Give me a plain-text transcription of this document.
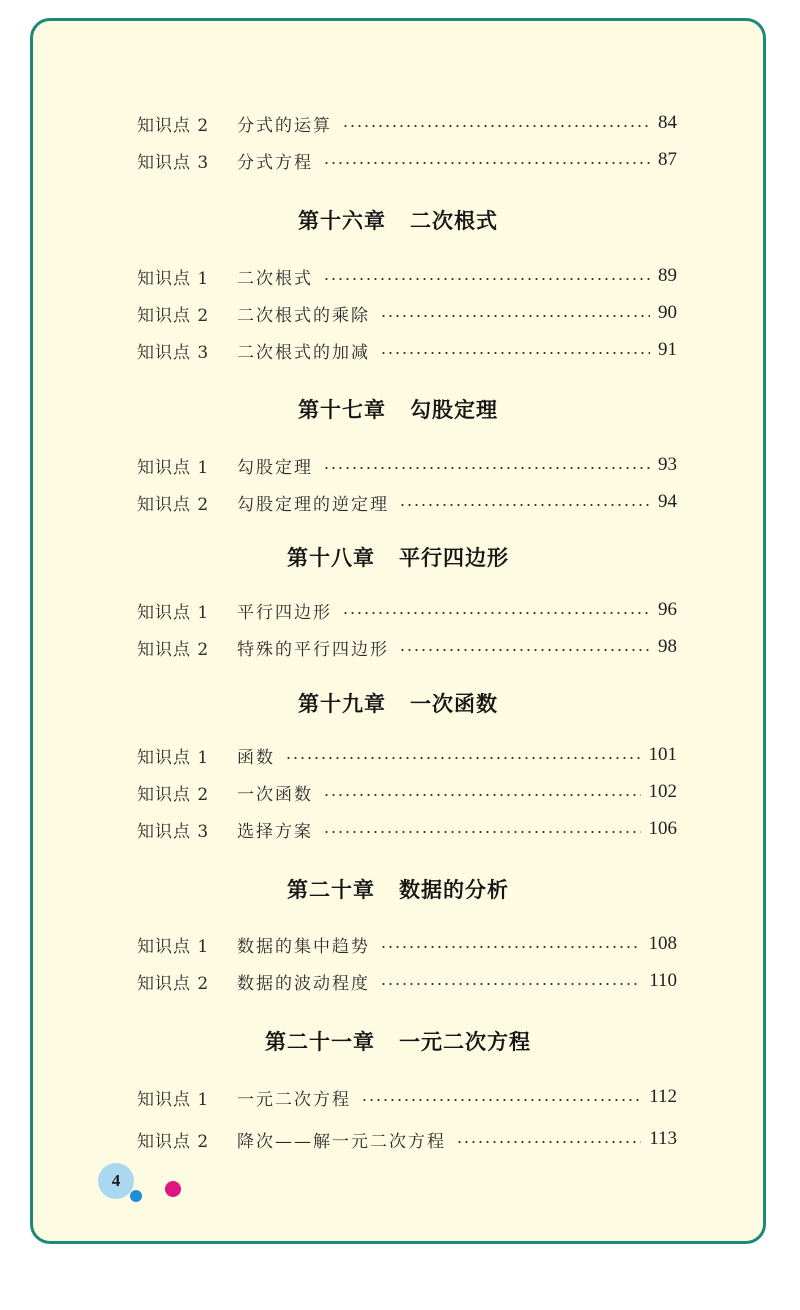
知识点 2	分式的运算	84
知识点 3	分式方程	87
第十六章 二次根式
知识点 1	二次根式	89
知识点 2	二次根式的乘除	90
知识点 3	二次根式的加减	91
第十七章 勾股定理
知识点 1	勾股定理	93
知识点 2	勾股定理的逆定理	94
第十八章 平行四边形
知识点 1	平行四边形	96
知识点 2	特殊的平行四边形	98
第十九章 一次函数
知识点 1	函数	101
知识点 2	一次函数	102
知识点 3	选择方案	106
第二十章 数据的分析
知识点 1	数据的集中趋势	108
知识点 2	数据的波动程度	110
第二十一章 一元二次方程
知识点 1	一元二次方程	112
知识点 2	降次——解一元二次方程	113
4
